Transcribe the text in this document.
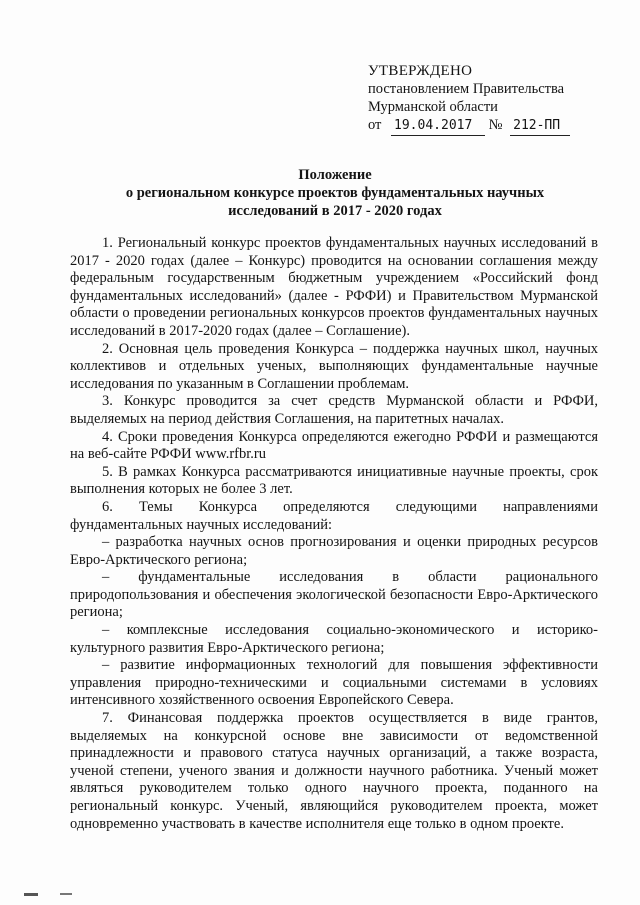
УТВЕРЖДЕНО
постановлением Правительства
Мурманской области
от 19.04.2017 № 212-ПП
Положение
о региональном конкурсе проектов фундаментальных научных
исследований в 2017 - 2020 годах

1. Региональный конкурс проектов фундаментальных научных исследований в 2017 - 2020 годах (далее – Конкурс) проводится на основании соглашения между федеральным государственным бюджетным учреждением «Российский фонд фундаментальных исследований» (далее - РФФИ) и Правительством Мурманской области о проведении региональных конкурсов проектов фундаментальных научных исследований в 2017-2020 годах (далее – Соглашение).

2. Основная цель проведения Конкурса – поддержка научных школ, научных коллективов и отдельных ученых, выполняющих фундаментальные научные исследования по указанным в Соглашении проблемам.

3. Конкурс проводится за счет средств Мурманской области и РФФИ, выделяемых на период действия Соглашения, на паритетных началах.

4. Сроки проведения Конкурса определяются ежегодно РФФИ и размещаются на веб-сайте РФФИ www.rfbr.ru

5. В рамках Конкурса рассматриваются инициативные научные проекты, срок выполнения которых не более 3 лет.

6. Темы Конкурса определяются следующими направлениями фундаментальных научных исследований:

– разработка научных основ прогнозирования и оценки природных ресурсов Евро-Арктического региона;

– фундаментальные исследования в области рационального природопользования и обеспечения экологической безопасности Евро-Арктического региона;

– комплексные исследования социально-экономического и историко-культурного развития Евро-Арктического региона;

– развитие информационных технологий для повышения эффективности управления природно-техническими и социальными системами в условиях интенсивного хозяйственного освоения Европейского Севера.

7. Финансовая поддержка проектов осуществляется в виде грантов, выделяемых на конкурсной основе вне зависимости от ведомственной принадлежности и правового статуса научных организаций, а также возраста, ученой степени, ученого звания и должности научного работника. Ученый может являться руководителем только одного научного проекта, поданного на региональный конкурс. Ученый, являющийся руководителем проекта, может одновременно участвовать в качестве исполнителя еще только в одном проекте.
